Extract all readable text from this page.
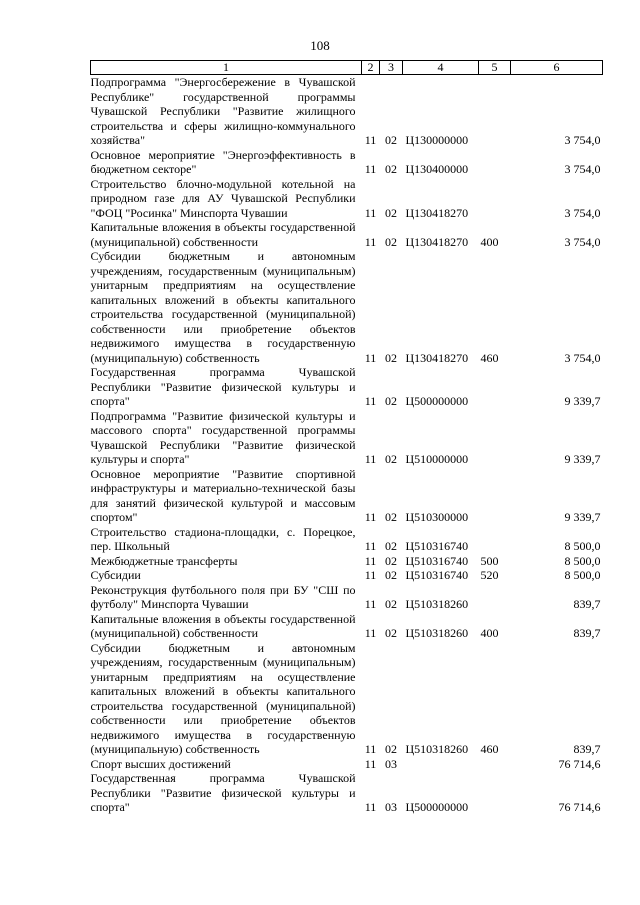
108
1	2	3	4	5	6
Подпрограмма "Энергосбережение в Чувашской Республике" государственной программы Чувашской Республики "Развитие жилищного строительства и сферы жилищно-коммунального хозяйства"	11	02	Ц130000000		3 754,0
Основное мероприятие "Энергоэффективность в бюджетном секторе"	11	02	Ц130400000		3 754,0
Строительство блочно-модульной котельной на природном газе для АУ Чувашской Республики "ФОЦ "Росинка" Минспорта Чувашии	11	02	Ц130418270		3 754,0
Капитальные вложения в объекты государственной (муниципальной) собственности	11	02	Ц130418270	400	3 754,0
Субсидии бюджетным и автономным учреждениям, государственным (муниципальным) унитарным предприятиям на осуществление капитальных вложений в объекты капитального строительства государственной (муниципальной) собственности или приобретение объектов недвижимого имущества в государственную (муниципальную) собственность	11	02	Ц130418270	460	3 754,0
Государственная программа Чувашской Республики "Развитие физической культуры и спорта"	11	02	Ц500000000		9 339,7
Подпрограмма "Развитие физической культуры и массового спорта" государственной программы Чувашской Республики "Развитие физической культуры и спорта"	11	02	Ц510000000		9 339,7
Основное мероприятие "Развитие спортивной инфраструктуры и материально-технической базы для занятий физической культурой и массовым спортом"	11	02	Ц510300000		9 339,7
Строительство стадиона-площадки, с. Порецкое, пер. Школьный	11	02	Ц510316740		8 500,0
Межбюджетные трансферты	11	02	Ц510316740	500	8 500,0
Субсидии	11	02	Ц510316740	520	8 500,0
Реконструкция футбольного поля при БУ "СШ по футболу" Минспорта Чувашии	11	02	Ц510318260		839,7
Капитальные вложения в объекты государственной (муниципальной) собственности	11	02	Ц510318260	400	839,7
Субсидии бюджетным и автономным учреждениям, государственным (муниципальным) унитарным предприятиям на осуществление капитальных вложений в объекты капитального строительства государственной (муниципальной) собственности или приобретение объектов недвижимого имущества в государственную (муниципальную) собственность	11	02	Ц510318260	460	839,7
Спорт высших достижений	11	03			76 714,6
Государственная программа Чувашской Республики "Развитие физической культуры и спорта"	11	03	Ц500000000		76 714,6
